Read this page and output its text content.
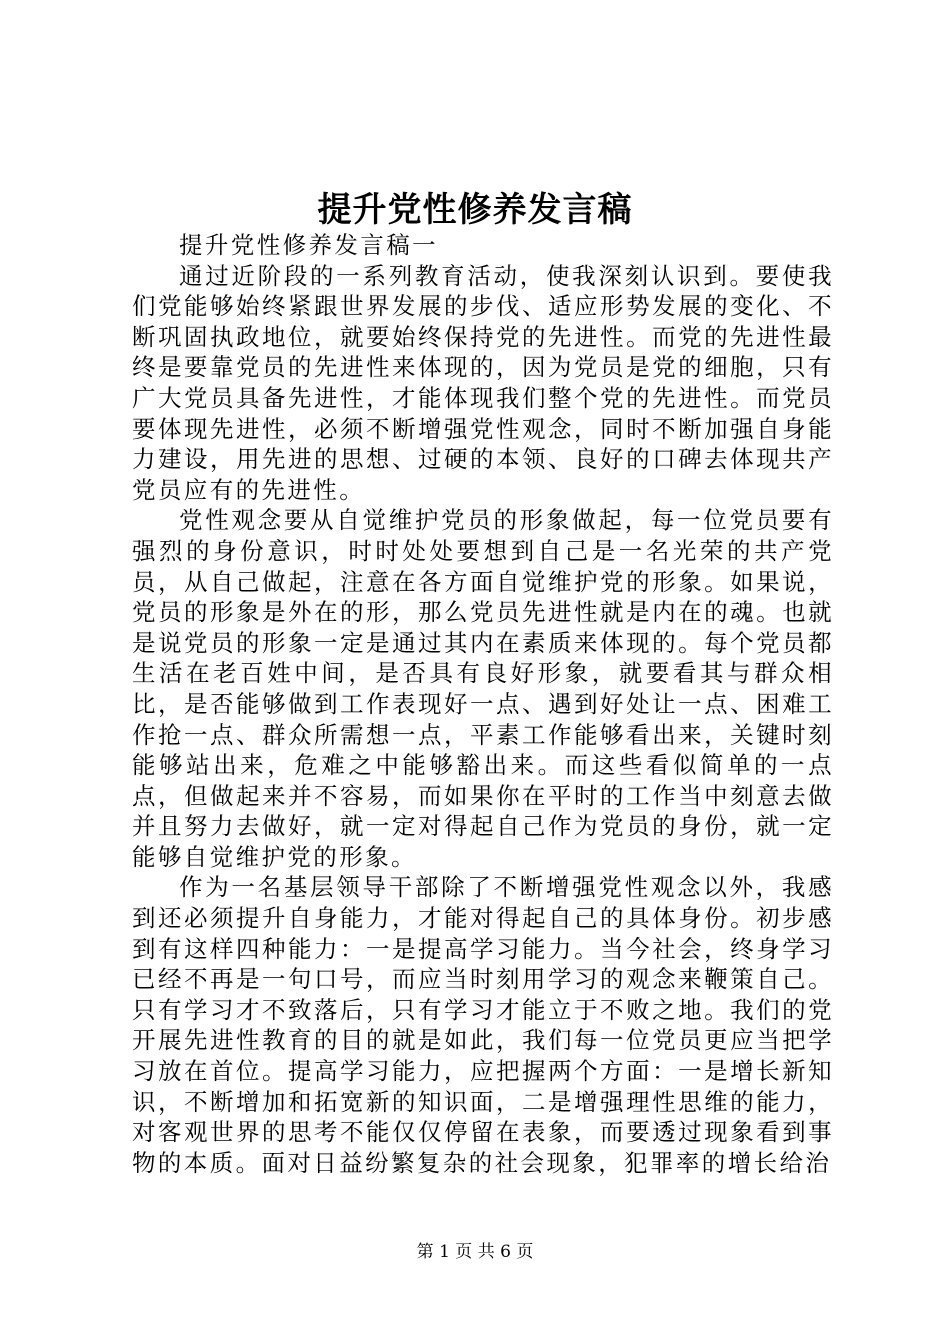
提升党性修养发言稿

提升党性修养发言稿一

通过近阶段的一系列教育活动，使我深刻认识到。要使我们党能够始终紧跟世界发展的步伐、适应形势发展的变化、不断巩固执政地位，就要始终保持党的先进性。而党的先进性最终是要靠党员的先进性来体现的，因为党员是党的细胞，只有广大党员具备先进性，才能体现我们整个党的先进性。而党员要体现先进性，必须不断增强党性观念，同时不断加强自身能力建设，用先进的思想、过硬的本领、良好的口碑去体现共产党员应有的先进性。

党性观念要从自觉维护党员的形象做起，每一位党员要有强烈的身份意识，时时处处要想到自己是一名光荣的共产党员，从自己做起，注意在各方面自觉维护党的形象。如果说，党员的形象是外在的形，那么党员先进性就是内在的魂。也就是说党员的形象一定是通过其内在素质来体现的。每个党员都生活在老百姓中间，是否具有良好形象，就要看其与群众相比，是否能够做到工作表现好一点、遇到好处让一点、困难工作抢一点、群众所需想一点，平素工作能够看出来，关键时刻能够站出来，危难之中能够豁出来。而这些看似简单的一点点，但做起来并不容易，而如果你在平时的工作当中刻意去做并且努力去做好，就一定对得起自己作为党员的身份，就一定能够自觉维护党的形象。

作为一名基层领导干部除了不断增强党性观念以外，我感到还必须提升自身能力，才能对得起自己的具体身份。初步感到有这样四种能力：一是提高学习能力。当今社会，终身学习已经不再是一句口号，而应当时刻用学习的观念来鞭策自己。只有学习才不致落后，只有学习才能立于不败之地。我们的党开展先进性教育的目的就是如此，我们每一位党员更应当把学习放在首位。提高学习能力，应把握两个方面：一是增长新知识，不断增加和拓宽新的知识面，二是增强理性思维的能力，对客观世界的思考不能仅仅停留在表象，而要透过现象看到事物的本质。面对日益纷繁复杂的社会现象，犯罪率的增长给治

第 1 页 共 6 页
